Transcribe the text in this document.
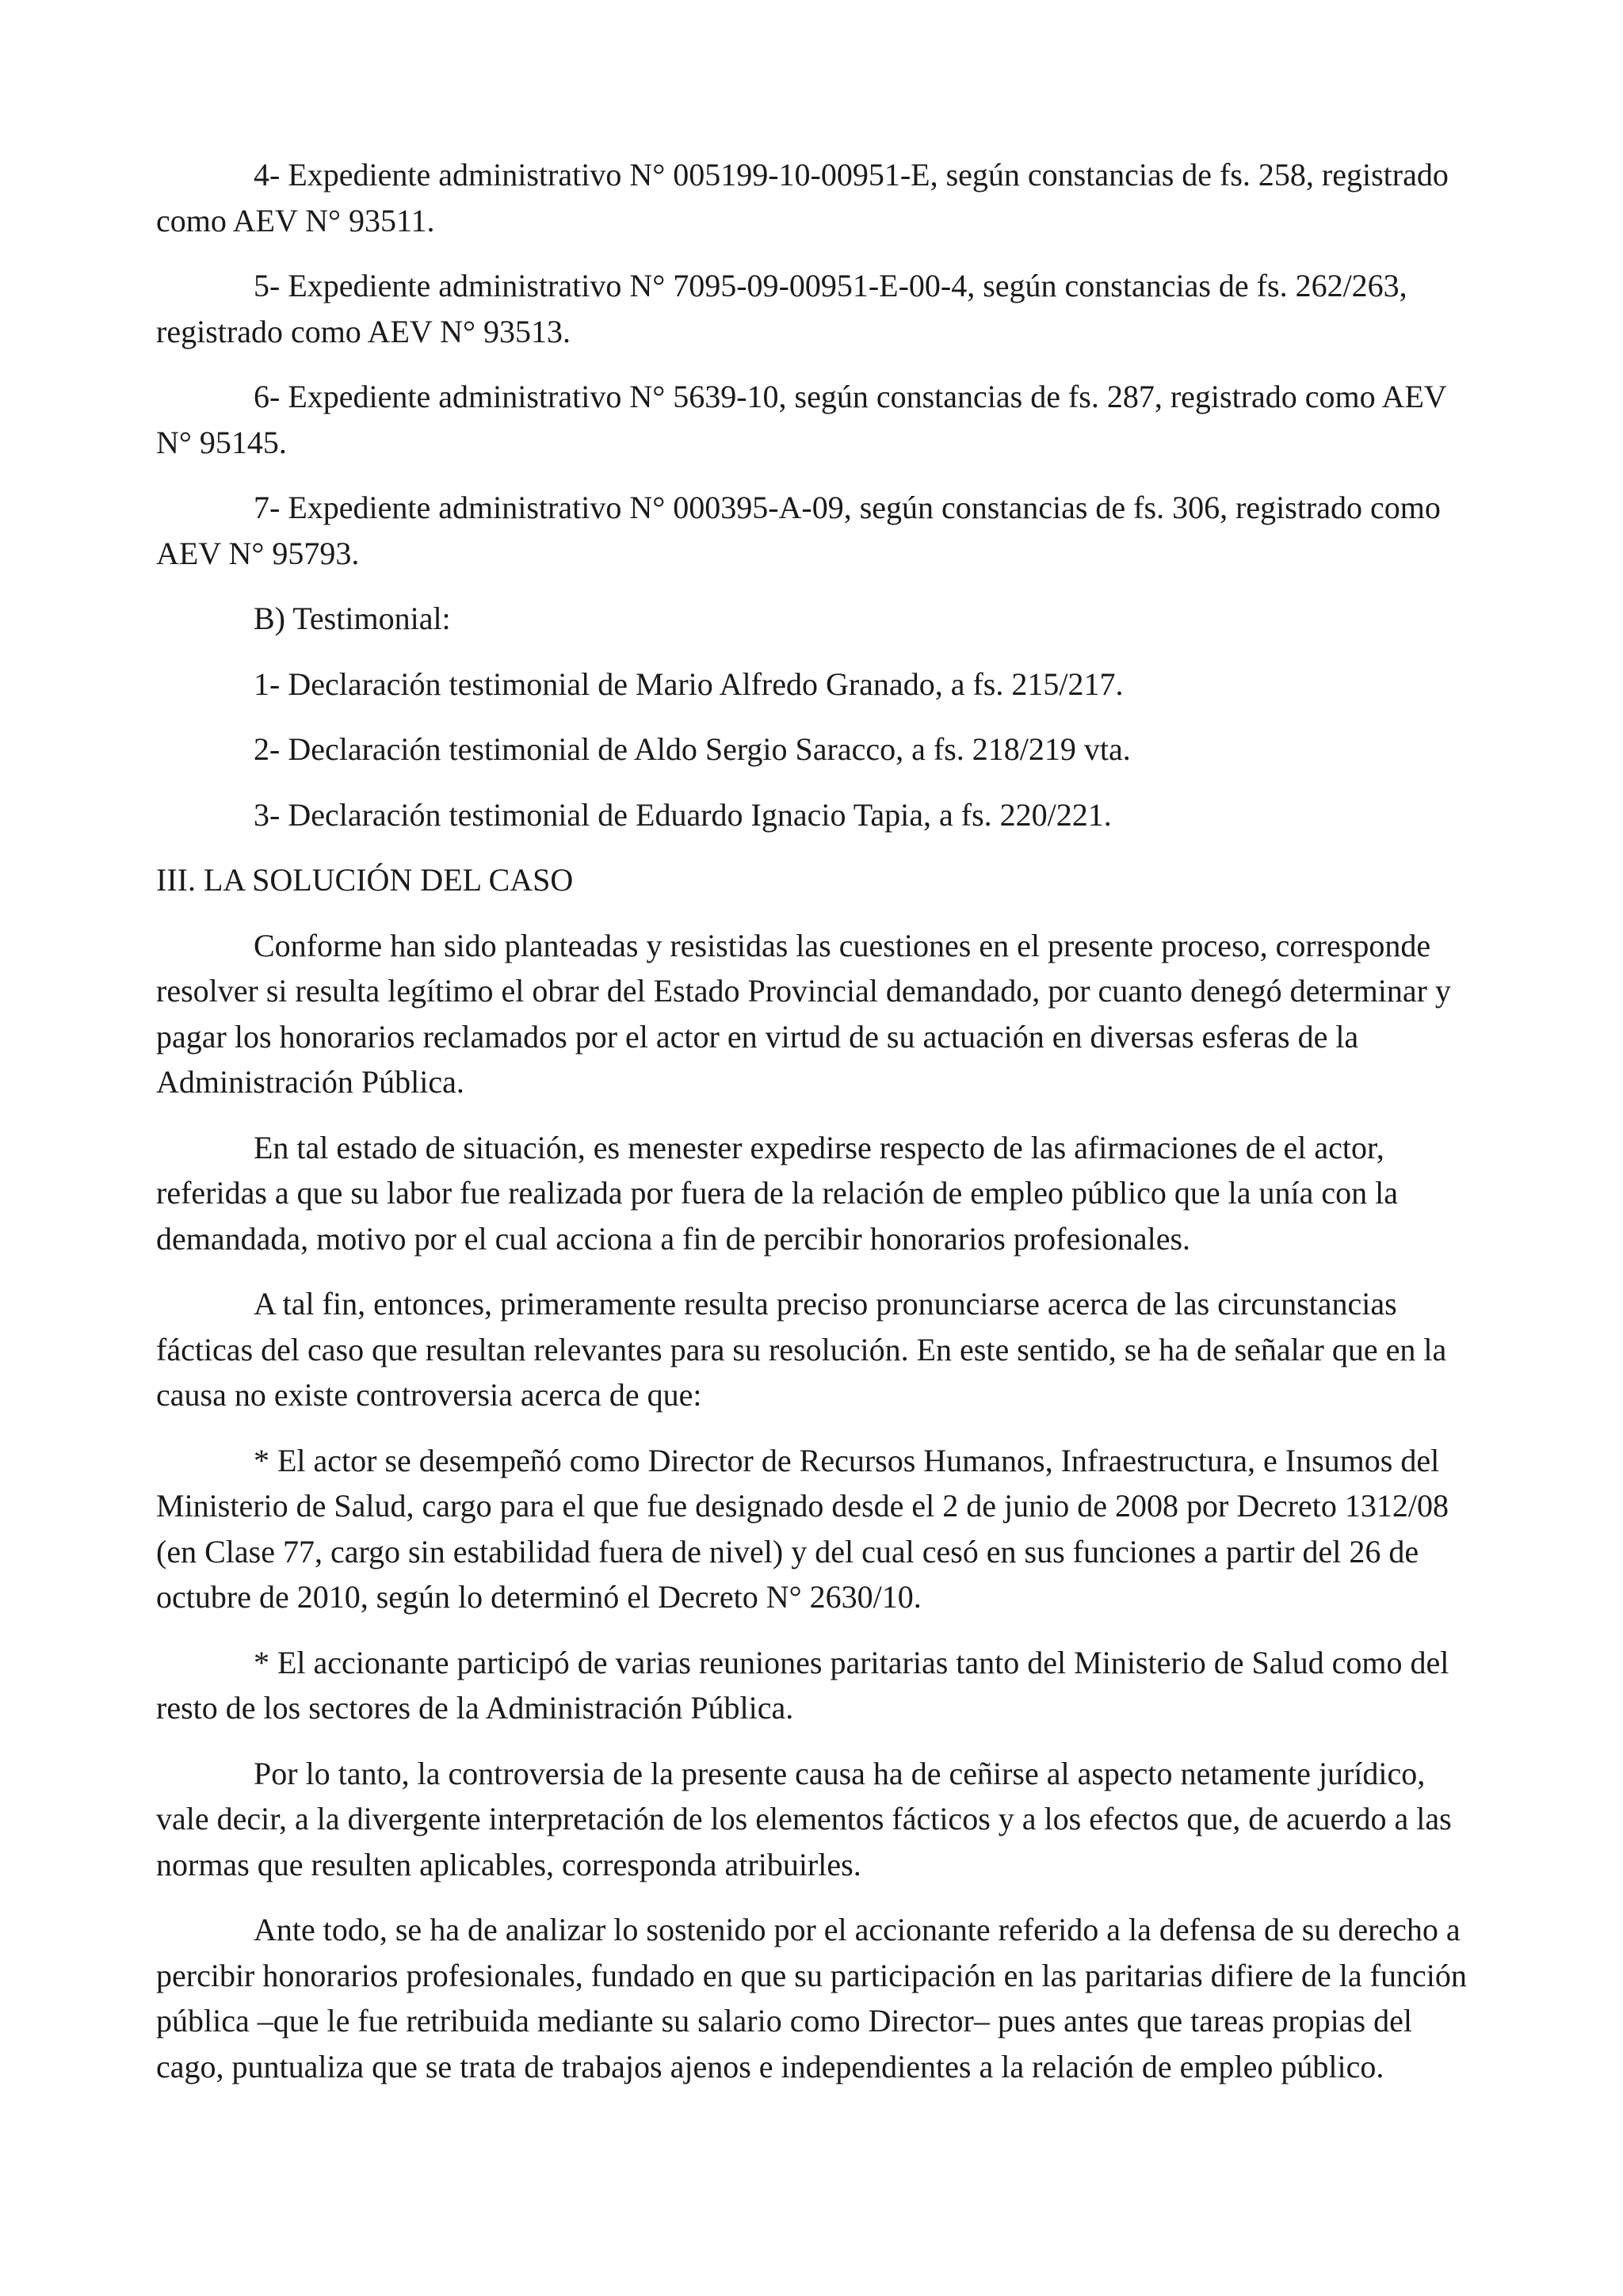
4- Expediente administrativo N° 005199-10-00951-E, según constancias de fs. 258, registrado como AEV N° 93511.

5- Expediente administrativo N° 7095-09-00951-E-00-4, según constancias de fs. 262/263, registrado como AEV N° 93513.

6- Expediente administrativo N° 5639-10, según constancias de fs. 287, registrado como AEV N° 95145.

7- Expediente administrativo N° 000395-A-09, según constancias de fs. 306, registrado como AEV N° 95793.

B) Testimonial:

1- Declaración testimonial de Mario Alfredo Granado, a fs. 215/217.

2- Declaración testimonial de Aldo Sergio Saracco, a fs. 218/219 vta.

3- Declaración testimonial de Eduardo Ignacio Tapia, a fs. 220/221.

III. LA SOLUCIÓN DEL CASO

Conforme han sido planteadas y resistidas las cuestiones en el presente proceso, corresponde resolver si resulta legítimo el obrar del Estado Provincial demandado, por cuanto denegó determinar y pagar los honorarios reclamados por el actor en virtud de su actuación en diversas esferas de la Administración Pública.

En tal estado de situación, es menester expedirse respecto de las afirmaciones de el actor, referidas a que su labor fue realizada por fuera de la relación de empleo público que la unía con la demandada, motivo por el cual acciona a fin de percibir honorarios profesionales.

A tal fin, entonces, primeramente resulta preciso pronunciarse acerca de las circunstancias fácticas del caso que resultan relevantes para su resolución. En este sentido, se ha de señalar que en la causa no existe controversia acerca de que:

* El actor se desempeñó como Director de Recursos Humanos, Infraestructura, e Insumos del Ministerio de Salud, cargo para el que fue designado desde el 2 de junio de 2008 por Decreto 1312/08 (en Clase 77, cargo sin estabilidad fuera de nivel) y del cual cesó en sus funciones a partir del 26 de octubre de 2010, según lo determinó el Decreto N° 2630/10.

* El accionante participó de varias reuniones paritarias tanto del Ministerio de Salud como del resto de los sectores de la Administración Pública.

Por lo tanto, la controversia de la presente causa ha de ceñirse al aspecto netamente jurídico, vale decir, a la divergente interpretación de los elementos fácticos y a los efectos que, de acuerdo a las normas que resulten aplicables, corresponda atribuirles.

Ante todo, se ha de analizar lo sostenido por el accionante referido a la defensa de su derecho a percibir honorarios profesionales, fundado en que su participación en las paritarias difiere de la función pública –que le fue retribuida mediante su salario como Director– pues antes que tareas propias del cago, puntualiza que se trata de trabajos ajenos e independientes a la relación de empleo público.
